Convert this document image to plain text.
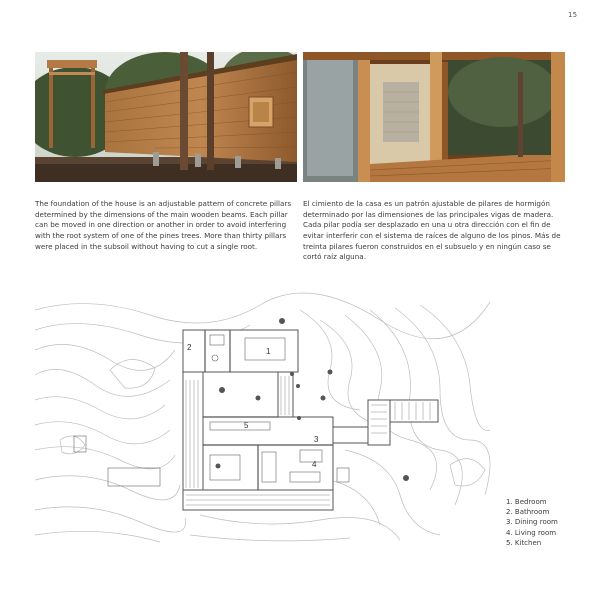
15

The foundation of the house is an adjustable pattern of concrete pillars determined by the dimensions of the main wooden beams. Each pillar can be moved in one direction or another in order to avoid interfering with the root system of one of the pines trees. More than thirty pillars were placed in the subsoil without having to cut a single root.

El cimiento de la casa es un patrón ajustable de pilares de hormigón determinado por las dimensiones de las principales vigas de madera. Cada pilar podía ser desplazado en una u otra dirección con el fin de evitar interferir con el sistema de raíces de alguno de los pinos. Más de treinta pilares fueron construidos en el subsuelo y en ningún caso se cortó raíz alguna.

1
2
3
4
5
1. Bedroom
2. Bathroom
3. Dining room
4. Living room
5. Kitchen
